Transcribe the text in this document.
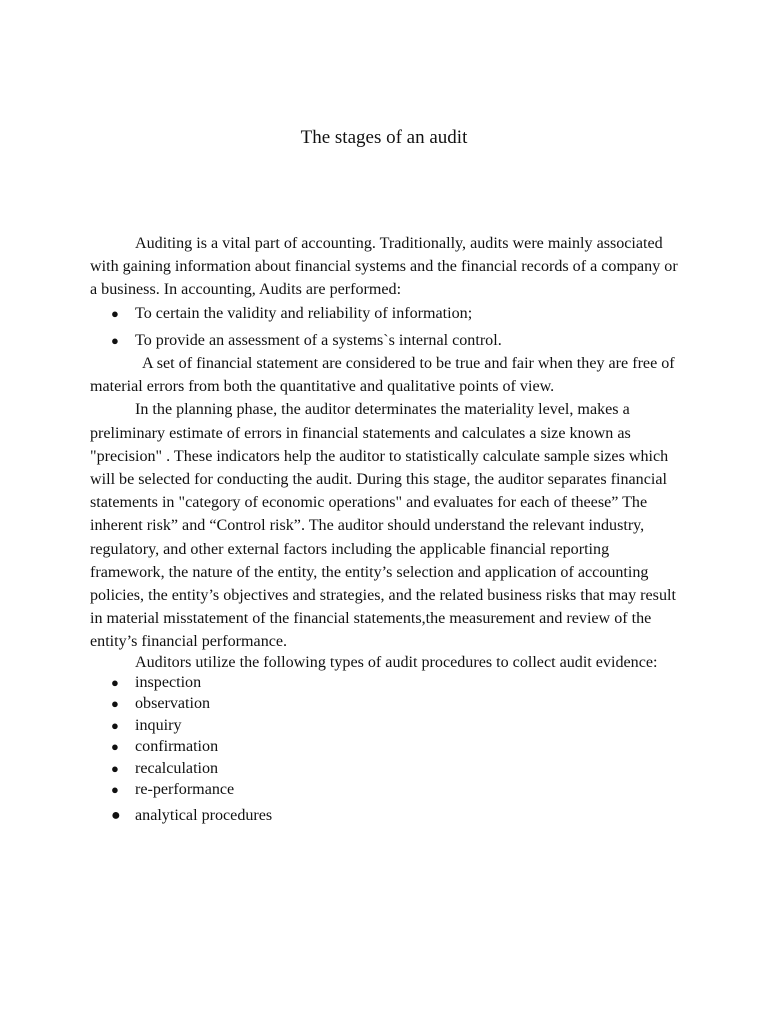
The stages of an audit

Auditing is a vital part of accounting. Traditionally, audits were mainly associated with gaining information about financial systems and the financial records of a company or a business. In accounting, Audits are performed:

● To certain the validity and reliability of information;
● To provide an assessment of a systems`s internal control.

A set of financial statement are considered to be true and fair when they are free of material errors from both the quantitative and qualitative points of view.

In the planning phase, the auditor determinates the materiality level, makes a preliminary estimate of errors in financial statements and calculates a size known as "precision" . These indicators help the auditor to statistically calculate sample sizes which will be selected for conducting the audit. During this stage, the auditor separates financial statements in "category of economic operations" and evaluates for each of theese” The inherent risk” and “Control risk”. The auditor should understand the relevant industry, regulatory, and other external factors including the applicable financial reporting framework, the nature of the entity, the entity’s selection and application of accounting policies, the entity’s objectives and strategies, and the related business risks that may result in material misstatement of the financial statements,the measurement and review of the entity’s financial performance.

Auditors utilize the following types of audit procedures to collect audit evidence:

● inspection
● observation
● inquiry
● confirmation
● recalculation
● re-performance
● analytical procedures
